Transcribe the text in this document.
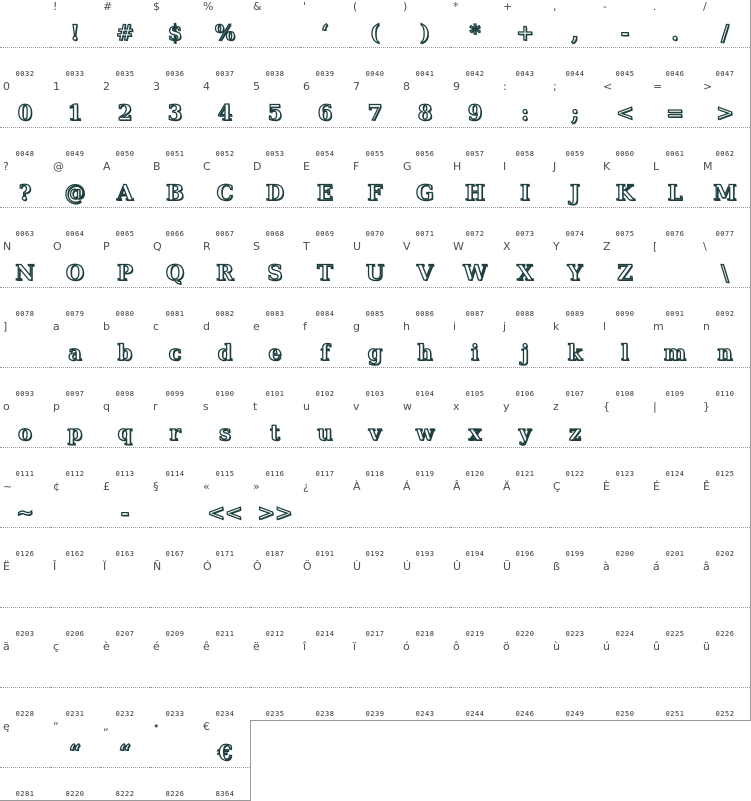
0032
!
!
0033
#
#
0035
$
$
0036
%
%
0037
&
0038
'
‘
0039
(
(
0040
)
)
0041
*
*
0042
+
+
0043
,
,
0044
-
-
0045
.
.
0046
/
/
0047
0
0
0048
1
1
0049
2
2
0050
3
3
0051
4
4
0052
5
5
0053
6
6
0054
7
7
0055
8
8
0056
9
9
0057
:
:
0058
;
;
0059
<
<
0060
=
=
0061
>
>
0062
?
?
0063
@
@
0064
A
A
0065
B
B
0066
C
C
0067
D
D
0068
E
E
0069
F
F
0070
G
G
0071
H
H
0072
I
I
0073
J
J
0074
K
K
0075
L
L
0076
M
M
0077
N
N
0078
O
O
0079
P
P
0080
Q
Q
0081
R
R
0082
S
S
0083
T
T
0084
U
U
0085
V
V
0086
W
W
0087
X
X
0088
Y
Y
0089
Z
Z
0090
[
0091
\
\
0092
]
0093
a
a
0097
b
b
0098
c
c
0099
d
d
0100
e
e
0101
f
f
0102
g
g
0103
h
h
0104
i
i
0105
j
j
0106
k
k
0107
l
l
0108
m
m
0109
n
n
0110
o
o
0111
p
p
0112
q
q
0113
r
r
0114
s
s
0115
t
t
0116
u
u
0117
v
v
0118
w
w
0119
x
x
0120
y
y
0121
z
z
0122
{
0123
|
0124
}
0125
~
~
0126
¢
0162
£
-
0163
§
0167
«
<<
0171
»
>>
0187
¿
0191
À
0192
Á
0193
Â
0194
Ä
0196
Ç
0199
È
0200
É
0201
Ê
0202
Ë
0203
Î
0206
Ï
0207
Ñ
0209
Ó
0211
Ô
0212
Ö
0214
Ù
0217
Ú
0218
Û
0219
Ü
0220
ß
0223
à
0224
á
0225
â
0226
ä
0228
ç
0231
è
0232
é
0233
ê
0234
ë
0235
î
0238
ï
0239
ó
0243
ô
0244
ö
0246
ù
0249
ú
0250
û
0251
ü
0252
ę
0281
“
“
8220
„
“
8222
•
8226
€
€
8364
